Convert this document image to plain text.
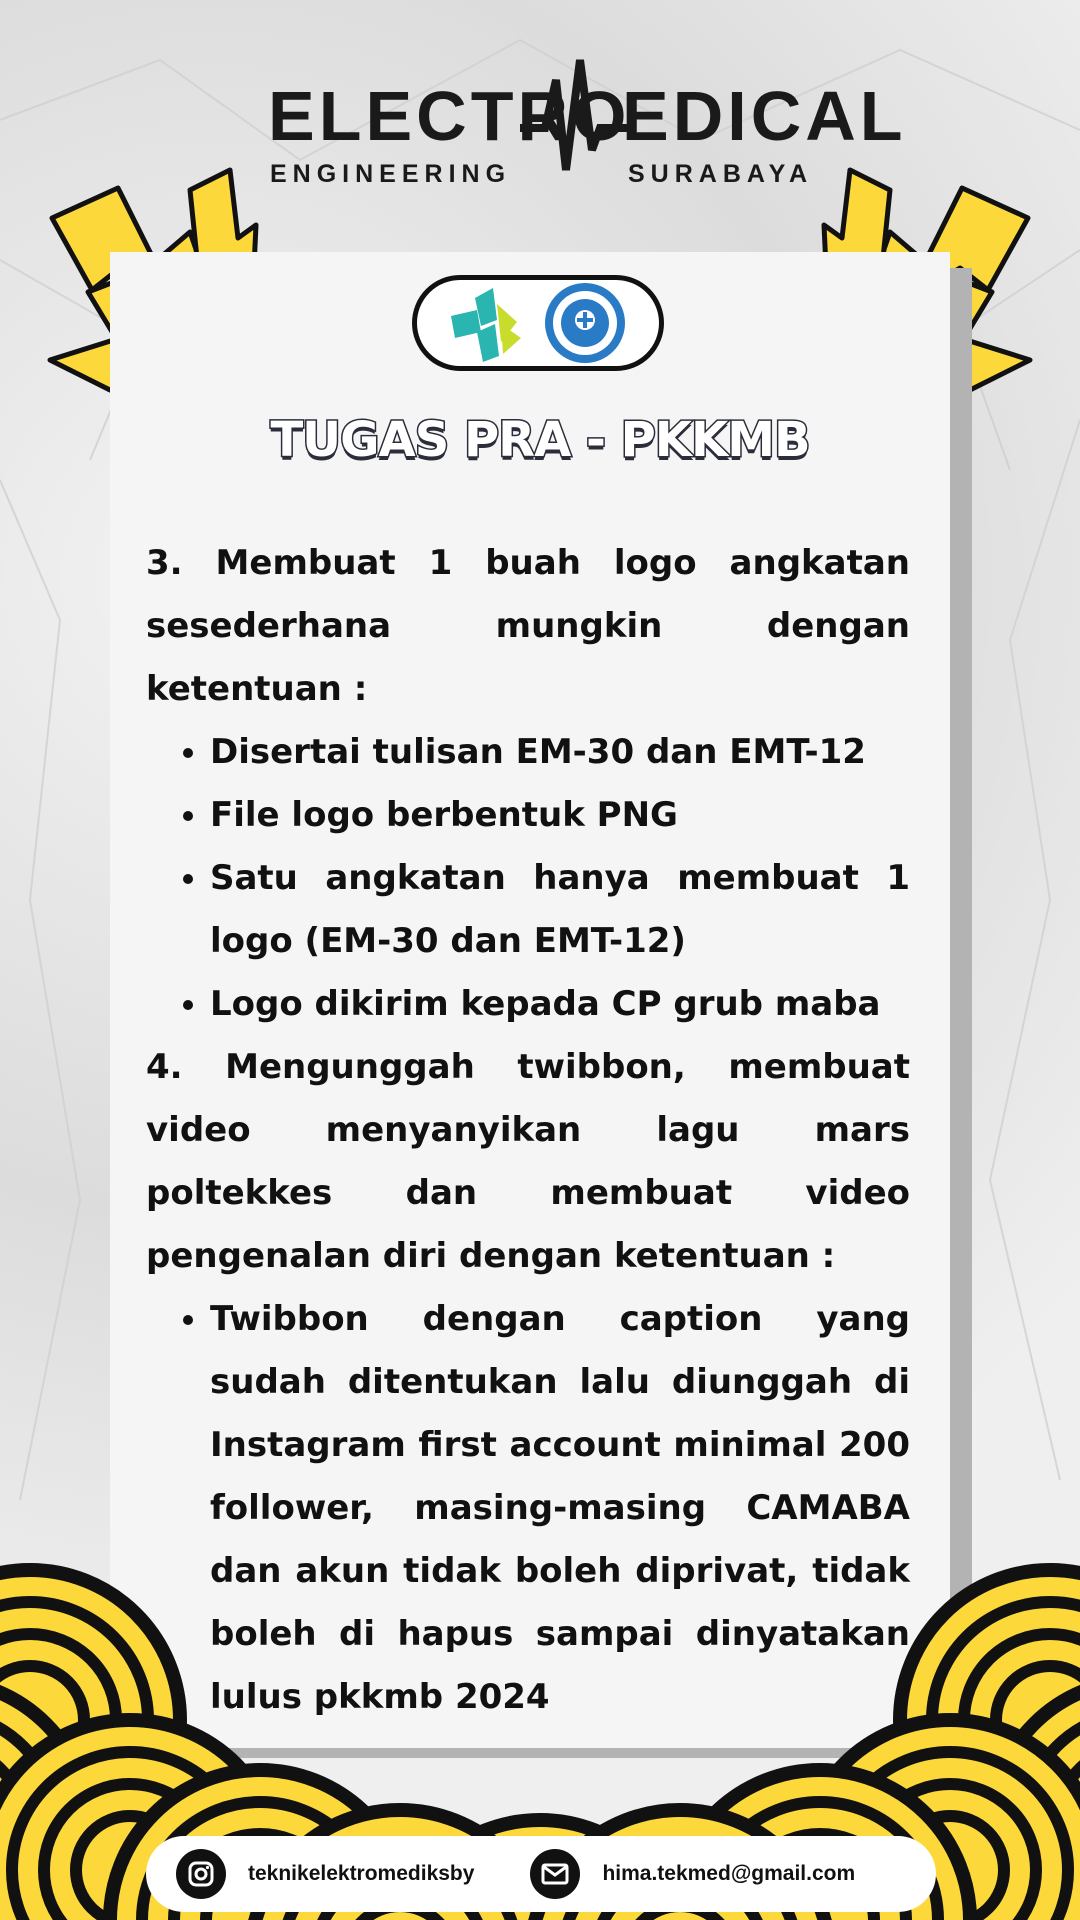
ELECTRO
EDICAL
ENGINEERING	SURABAYA
TUGAS PRA - PKKMB

3. Membuat 1 buah logo angkatan sesederhana mungkin dengan ketentuan :

• Disertai tulisan EM-30 dan EMT-12
• File logo berbentuk PNG
• Satu angkatan hanya membuat 1 logo (EM-30 dan EMT-12)
• Logo dikirim kepada CP grub maba

4. Mengunggah twibbon, membuat video menyanyikan lagu mars poltekkes dan membuat video pengenalan diri dengan ketentuan :

• Twibbon dengan caption yang sudah ditentukan lalu diunggah di Instagram first account minimal 200 follower, masing-masing CAMABA dan akun tidak boleh diprivat, tidak boleh di hapus sampai dinyatakan lulus pkkmb 2024
teknikelektromediksby	hima.tekmed@gmail.com
